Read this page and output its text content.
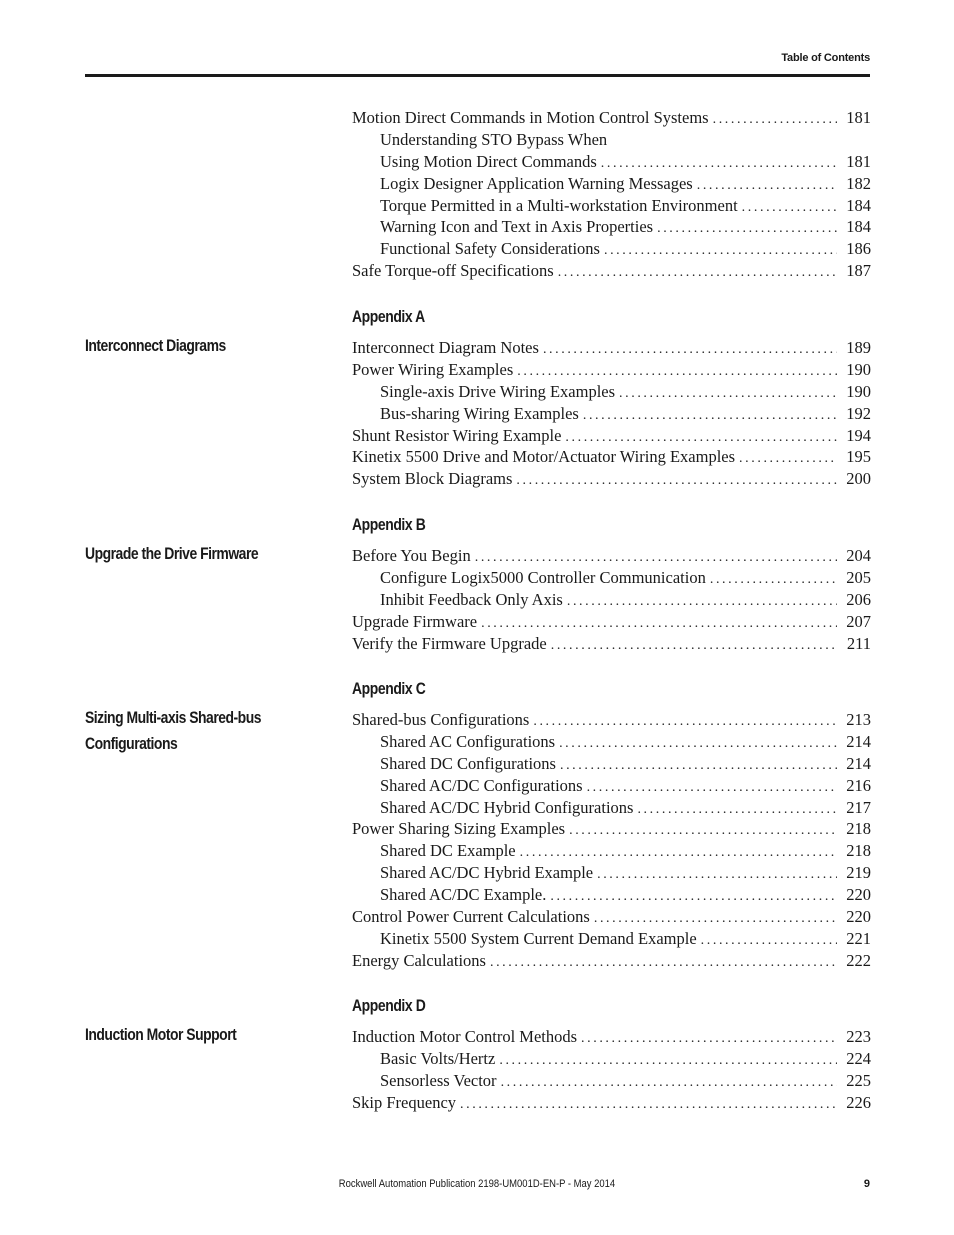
Table of Contents
Motion Direct Commands in Motion Control Systems .....	181
Understanding STO Bypass When
Using Motion Direct Commands .....	181
Logix Designer Application Warning Messages .....	182
Torque Permitted in a Multi-workstation Environment .....	184
Warning Icon and Text in Axis Properties .....	184
Functional Safety Considerations .....	186
Safe Torque-off Specifications .....	187
Appendix A
Interconnect Diagrams	Interconnect Diagram Notes .....	189
Power Wiring Examples .....	190
Single-axis Drive Wiring Examples .....	190
Bus-sharing Wiring Examples .....	192
Shunt Resistor Wiring Example .....	194
Kinetix 5500 Drive and Motor/Actuator Wiring Examples .....	195
System Block Diagrams .....	200
Appendix B
Upgrade the Drive Firmware	Before You Begin .....	204
Configure Logix5000 Controller Communication .....	205
Inhibit Feedback Only Axis .....	206
Upgrade Firmware .....	207
Verify the Firmware Upgrade .....	211
Appendix C
Sizing Multi-axis Shared-bus
Configurations
Shared-bus Configurations .....	213
Shared AC Configurations .....	214
Shared DC Configurations .....	214
Shared AC/DC Configurations .....	216
Shared AC/DC Hybrid Configurations .....	217
Power Sharing Sizing Examples .....	218
Shared DC Example .....	218
Shared AC/DC Hybrid Example .....	219
Shared AC/DC Example. .....	220
Control Power Current Calculations .....	220
Kinetix 5500 System Current Demand Example .....	221
Energy Calculations .....	222
Appendix D
Induction Motor Support	Induction Motor Control Methods .....	223
Basic Volts/Hertz .....	224
Sensorless Vector .....	225
Skip Frequency .....	226
Rockwell Automation Publication 2198-UM001D-EN-P - May 2014	9
